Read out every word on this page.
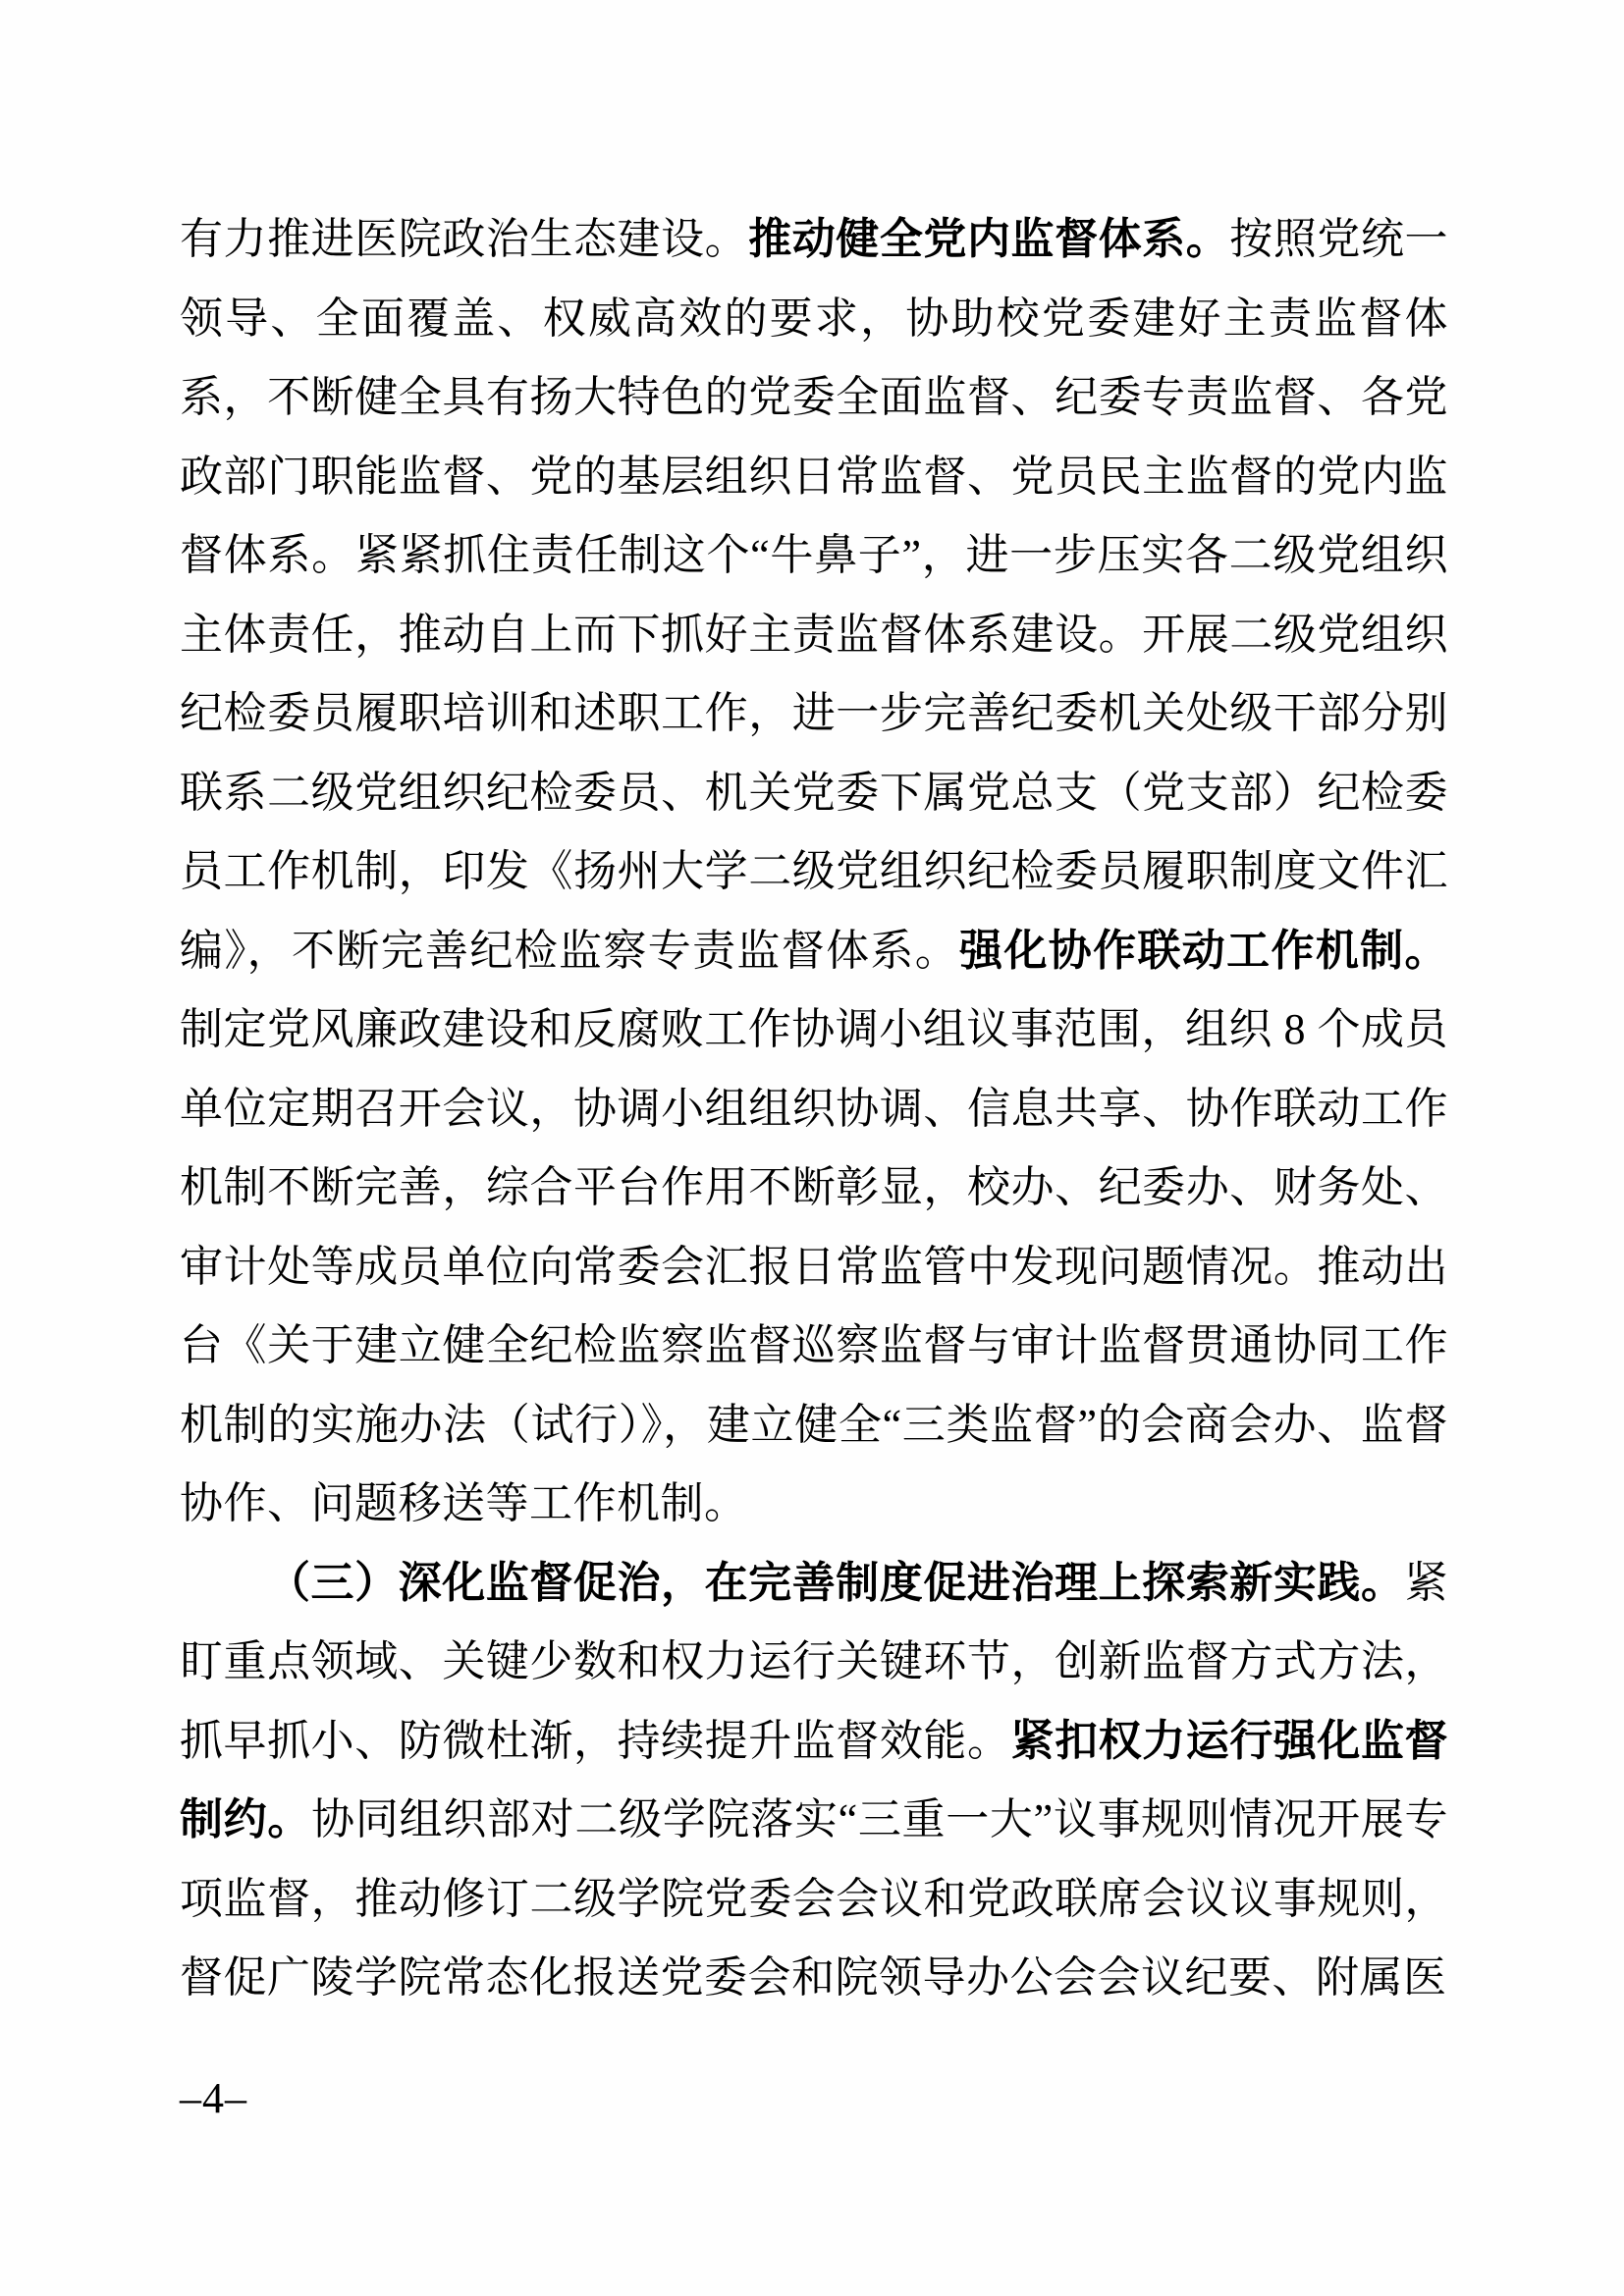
有力推进医院政治生态建设。推动健全党内监督体系。按照党统一领导、全面覆盖、权威高效的要求，协助校党委建好主责监督体系，不断健全具有扬大特色的党委全面监督、纪委专责监督、各党政部门职能监督、党的基层组织日常监督、党员民主监督的党内监督体系。紧紧抓住责任制这个“牛鼻子”，进一步压实各二级党组织主体责任，推动自上而下抓好主责监督体系建设。开展二级党组织纪检委员履职培训和述职工作，进一步完善纪委机关处级干部分别联系二级党组织纪检委员、机关党委下属党总支（党支部）纪检委员工作机制，印发《扬州大学二级党组织纪检委员履职制度文件汇编》，不断完善纪检监察专责监督体系。强化协作联动工作机制。制定党风廉政建设和反腐败工作协调小组议事范围，组织 8 个成员单位定期召开会议，协调小组组织协调、信息共享、协作联动工作机制不断完善，综合平台作用不断彰显，校办、纪委办、财务处、审计处等成员单位向常委会汇报日常监管中发现问题情况。推动出台《关于建立健全纪检监察监督巡察监督与审计监督贯通协同工作机制的实施办法（试行）》，建立健全“三类监督”的会商会办、监督协作、问题移送等工作机制。

（三）深化监督促治，在完善制度促进治理上探索新实践。紧盯重点领域、关键少数和权力运行关键环节，创新监督方式方法，抓早抓小、防微杜渐，持续提升监督效能。紧扣权力运行强化监督制约。协同组织部对二级学院落实“三重一大”议事规则情况开展专项监督，推动修订二级学院党委会会议和党政联席会议议事规则，督促广陵学院常态化报送党委会和院领导办公会会议纪要、附属医

–4–
